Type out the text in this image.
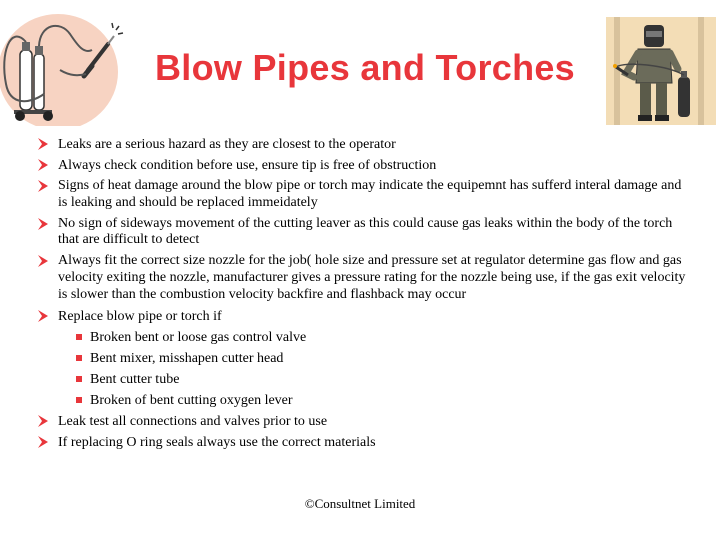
Blow Pipes and Torches
Leaks are a serious hazard as they are closest to the operator
Always check condition before use, ensure tip is free of obstruction
Signs of heat damage around the blow pipe or torch may indicate the equipemnt has sufferd interal damage and is leaking and should be replaced immeidately
No sign of sideways movement of the cutting leaver as this could cause gas leaks within the body of the torch that are difficult to detect
Always fit the correct size nozzle for the job( hole size and pressure set at regulator determine gas flow and gas velocity exiting the nozzle, manufacturer gives a pressure rating for the nozzle being use, if the gas exit velocity is slower than the combustion velocity backfire and flashback may occur
Replace blow pipe or torch if
Broken bent or loose gas control valve
Bent mixer, misshapen cutter head
Bent cutter tube
Broken of bent cutting oxygen lever
Leak test all connections and valves prior to use
If replacing O ring seals always use the correct materials
©Consultnet Limited
